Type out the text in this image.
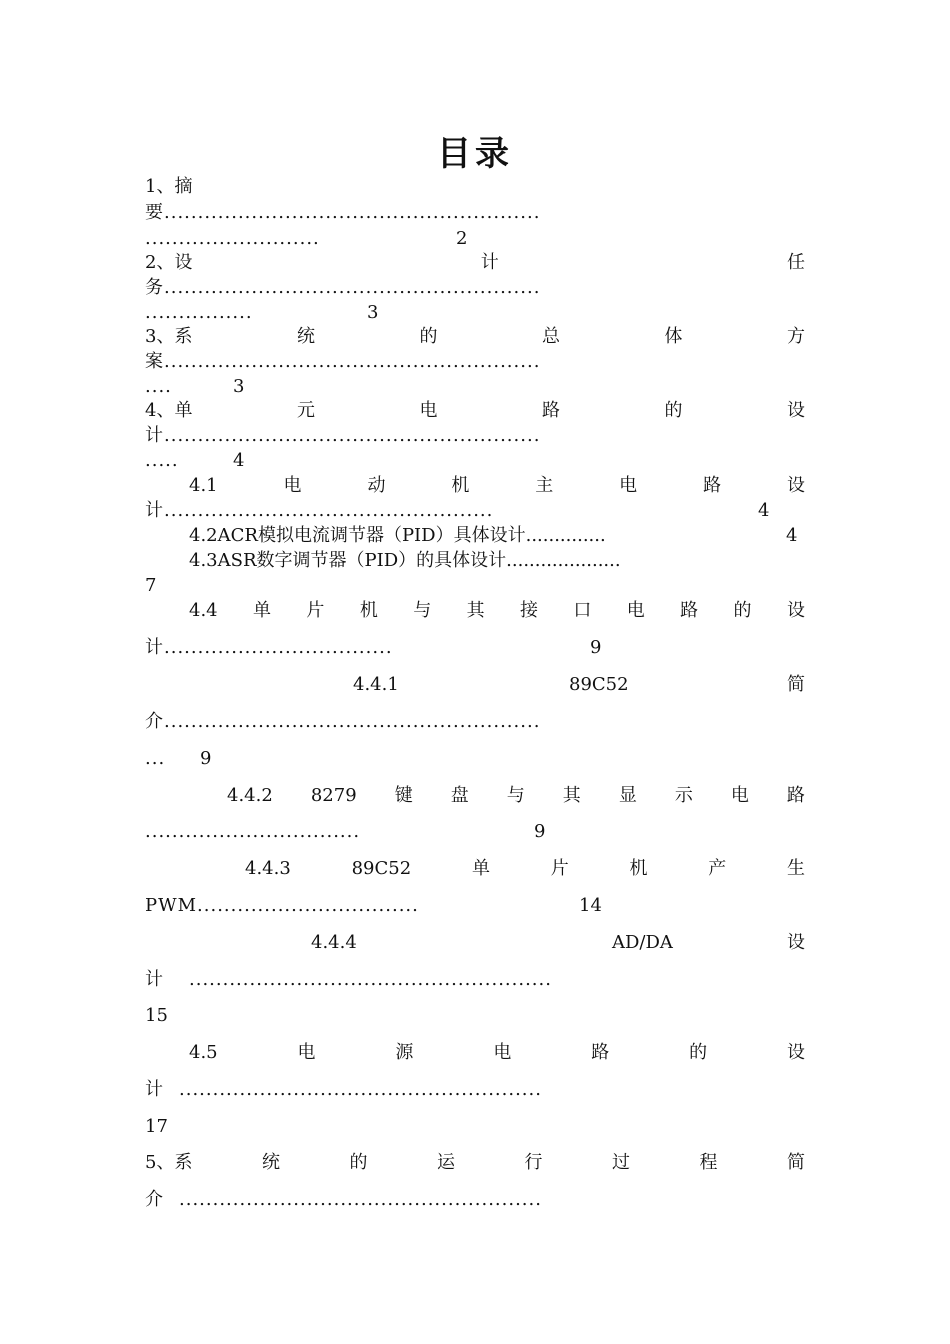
目录
1、摘
要........................................................
..........................	2
2、设	计	任
务........................................................
................	3
3、系	统	的	总	体	方
案........................................................
....	3
4、单	元	电	路	的	设
计........................................................
.....	4
4.1	电	动	机	主	电	路	设
计.................................................	4
4.2ACR模拟电流调节器（PID）具体设计..............	4
4.3ASR数字调节器（PID）的具体设计....................
7
4.4 单 片 机 与 其 接 口 电 路 的 设
计..................................	9
4.4.1	89C52	简
介........................................................
... 9
4.4.2 8279 键 盘 与 其 显 示 电 路
................................	9
4.4.3	89C52	单	片	机	产	生
PWM.................................	14
4.4.4	AD/DA	设
计 ......................................................
15
4.5	电	源	电	路	的	设
计 ......................................................
17
5、系	统	的	运	行	过	程	简
介 ......................................................
